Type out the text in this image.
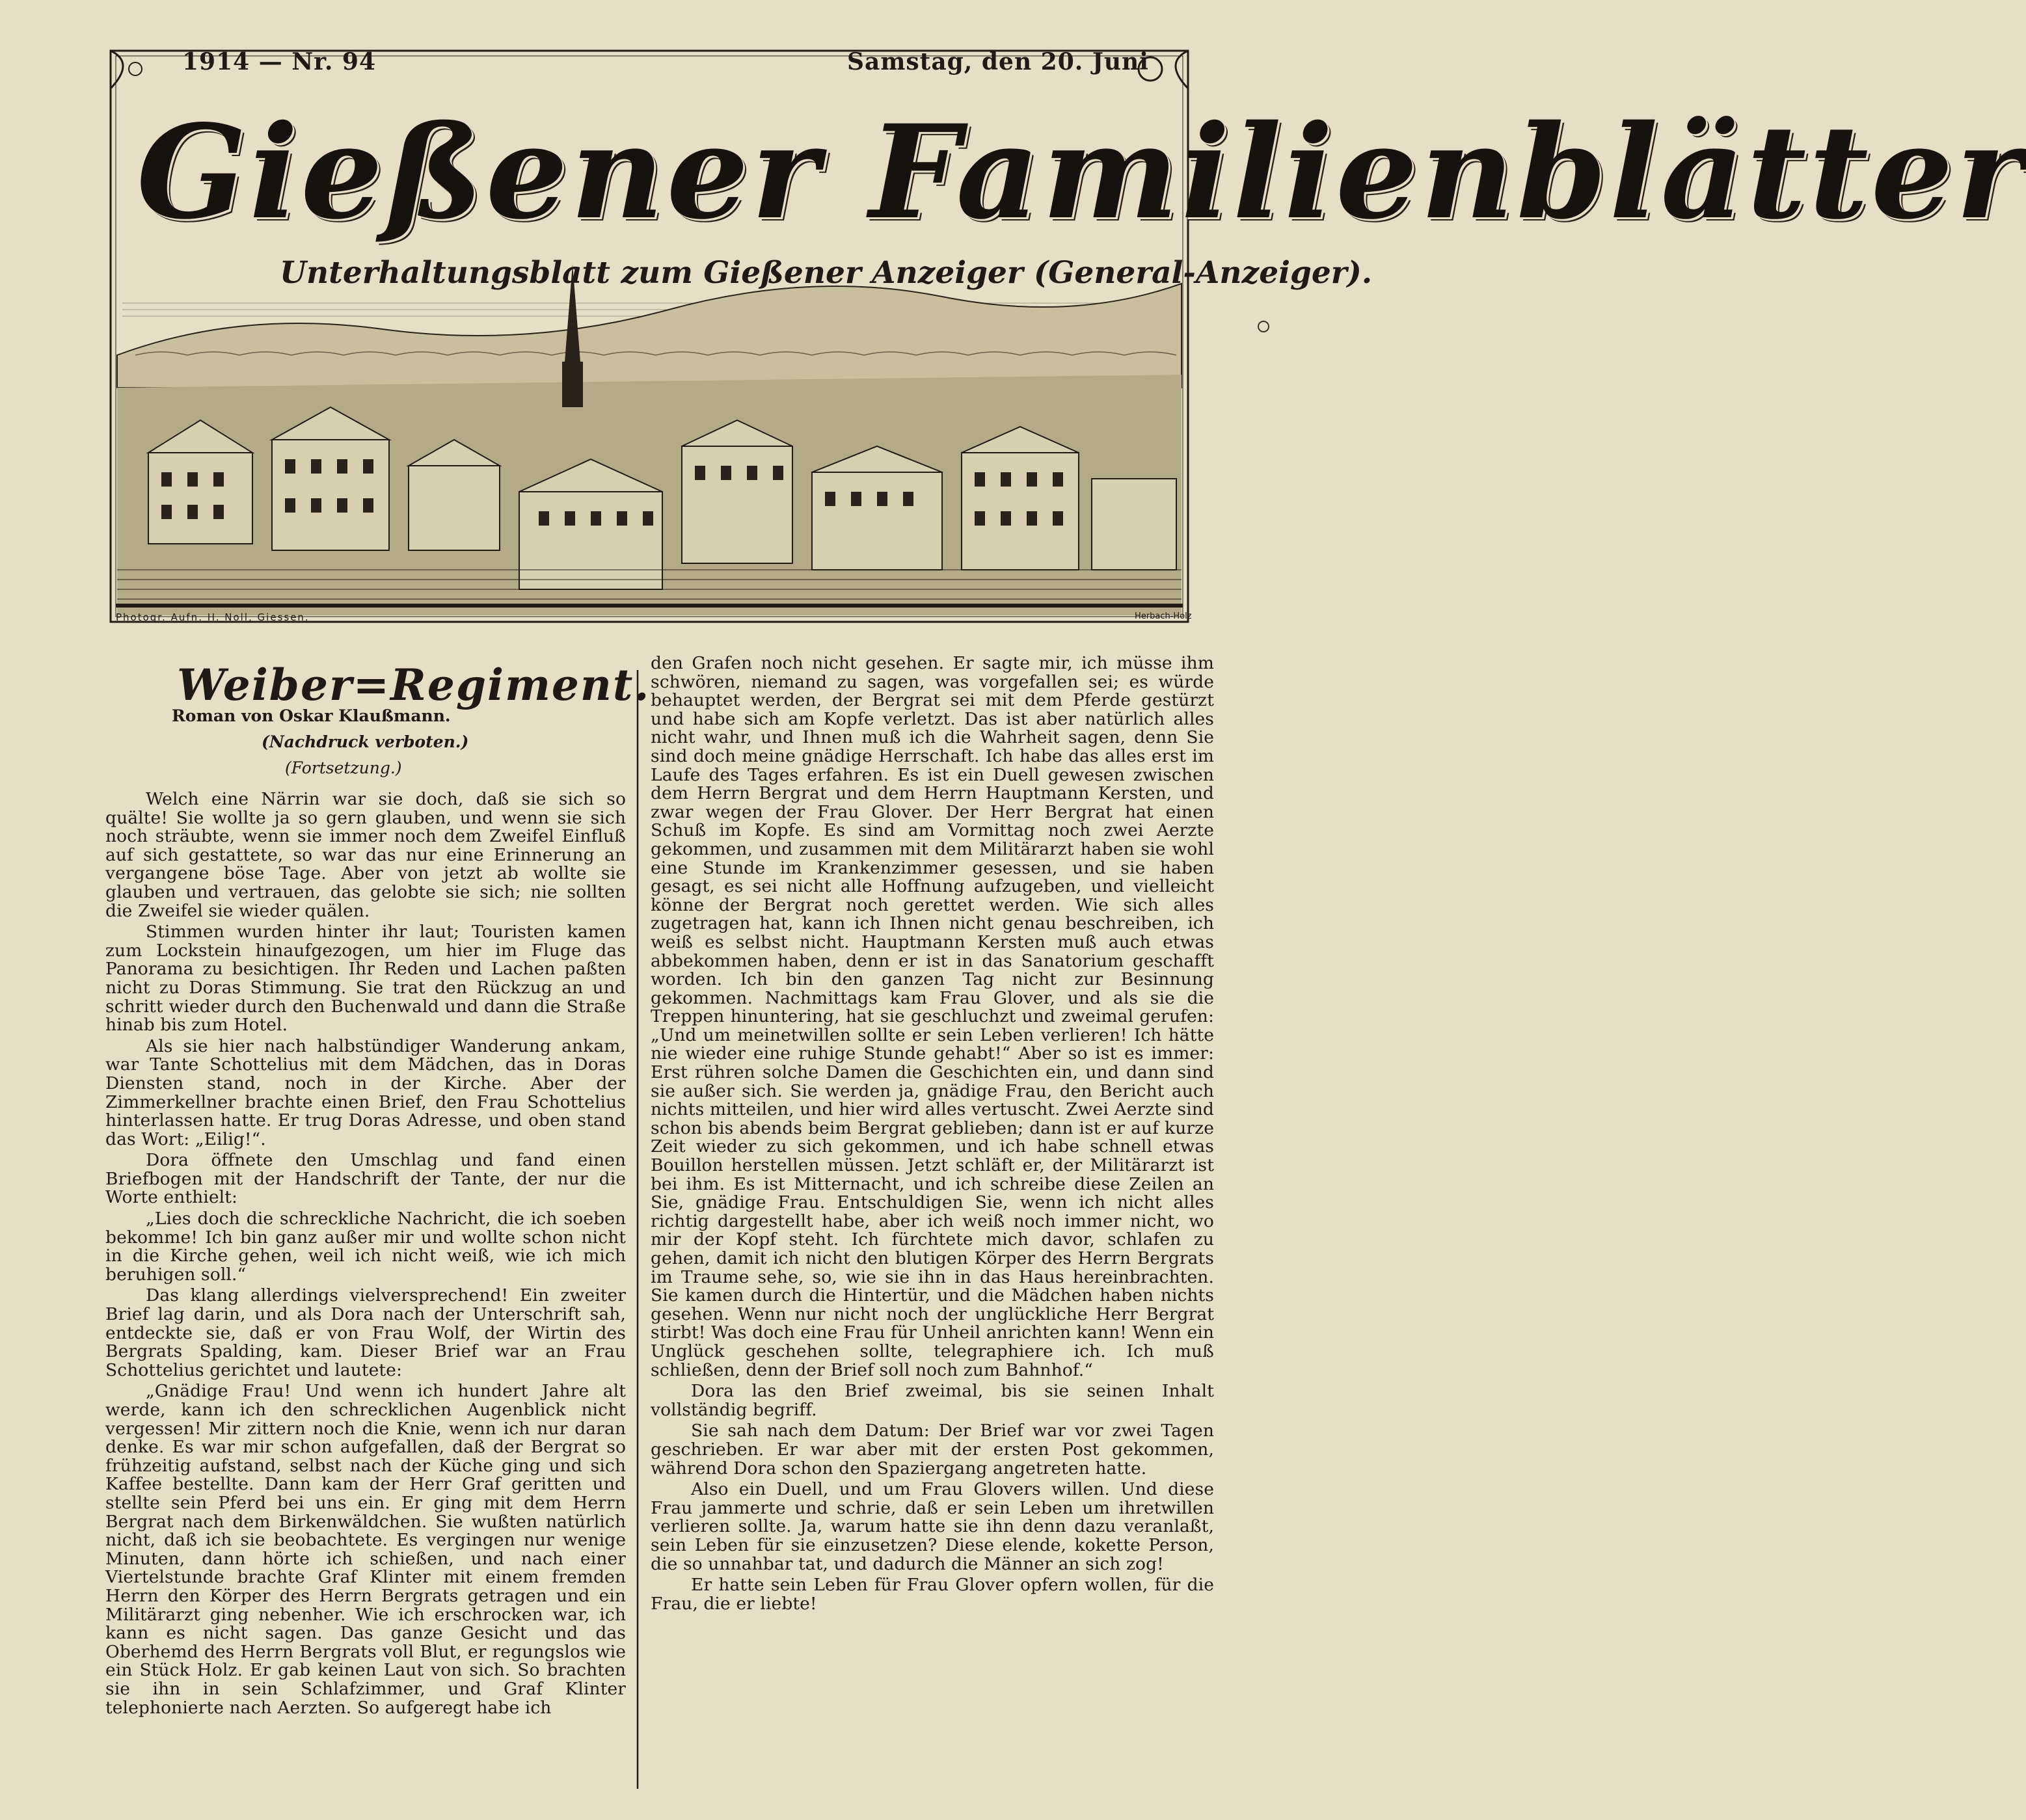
1914 — Nr. 94	Samstag, den 20. Juni
Gießener Familienblätter
Unterhaltungsblatt zum Gießener Anzeiger (General-Anzeiger).
Photogr. Aufn. H. Noll, Giessen.	Herbach-Holz
Weiber=Regiment.
Roman von Oskar Klaußmann.
(Nachdruck verboten.)
(Fortsetzung.)

Welch eine Närrin war sie doch, daß sie sich so quälte! Sie wollte ja so gern glauben, und wenn sie sich noch sträubte, wenn sie immer noch dem Zweifel Einfluß auf sich gestattete, so war das nur eine Erinnerung an vergangene böse Tage. Aber von jetzt ab wollte sie glauben und vertrauen, das gelobte sie sich; nie sollten die Zweifel sie wieder quälen.

Stimmen wurden hinter ihr laut; Touristen kamen zum Lockstein hinaufgezogen, um hier im Fluge das Panorama zu besichtigen. Ihr Reden und Lachen paßten nicht zu Doras Stimmung. Sie trat den Rückzug an und schritt wieder durch den Buchenwald und dann die Straße hinab bis zum Hotel.

Als sie hier nach halbstündiger Wanderung ankam, war Tante Schottelius mit dem Mädchen, das in Doras Diensten stand, noch in der Kirche. Aber der Zimmerkellner brachte einen Brief, den Frau Schottelius hinterlassen hatte. Er trug Doras Adresse, und oben stand das Wort: „Eilig!“.

Dora öffnete den Umschlag und fand einen Briefbogen mit der Handschrift der Tante, der nur die Worte enthielt:

„Lies doch die schreckliche Nachricht, die ich soeben bekomme! Ich bin ganz außer mir und wollte schon nicht in die Kirche gehen, weil ich nicht weiß, wie ich mich beruhigen soll.“

Das klang allerdings vielversprechend! Ein zweiter Brief lag darin, und als Dora nach der Unterschrift sah, entdeckte sie, daß er von Frau Wolf, der Wirtin des Bergrats Spalding, kam. Dieser Brief war an Frau Schottelius gerichtet und lautete:

„Gnädige Frau! Und wenn ich hundert Jahre alt werde, kann ich den schrecklichen Augenblick nicht vergessen! Mir zittern noch die Knie, wenn ich nur daran denke. Es war mir schon aufgefallen, daß der Bergrat so frühzeitig aufstand, selbst nach der Küche ging und sich Kaffee bestellte. Dann kam der Herr Graf geritten und stellte sein Pferd bei uns ein. Er ging mit dem Herrn Bergrat nach dem Birkenwäldchen. Sie wußten natürlich nicht, daß ich sie beobachtete. Es vergingen nur wenige Minuten, dann hörte ich schießen, und nach einer Viertelstunde brachte Graf Klinter mit einem fremden Herrn den Körper des Herrn Bergrats getragen und ein Militärarzt ging nebenher. Wie ich erschrocken war, ich kann es nicht sagen. Das ganze Gesicht und das Oberhemd des Herrn Bergrats voll Blut, er regungslos wie ein Stück Holz. Er gab keinen Laut von sich. So brachten sie ihn in sein Schlafzimmer, und Graf Klinter telephonierte nach Aerzten. So aufgeregt habe ich

den Grafen noch nicht gesehen. Er sagte mir, ich müsse ihm schwören, niemand zu sagen, was vorgefallen sei; es würde behauptet werden, der Bergrat sei mit dem Pferde gestürzt und habe sich am Kopfe verletzt. Das ist aber natürlich alles nicht wahr, und Ihnen muß ich die Wahrheit sagen, denn Sie sind doch meine gnädige Herrschaft. Ich habe das alles erst im Laufe des Tages erfahren. Es ist ein Duell gewesen zwischen dem Herrn Bergrat und dem Herrn Hauptmann Kersten, und zwar wegen der Frau Glover. Der Herr Bergrat hat einen Schuß im Kopfe. Es sind am Vormittag noch zwei Aerzte gekommen, und zusammen mit dem Militärarzt haben sie wohl eine Stunde im Krankenzimmer gesessen, und sie haben gesagt, es sei nicht alle Hoffnung aufzugeben, und vielleicht könne der Bergrat noch gerettet werden. Wie sich alles zugetragen hat, kann ich Ihnen nicht genau beschreiben, ich weiß es selbst nicht. Hauptmann Kersten muß auch etwas abbekommen haben, denn er ist in das Sanatorium geschafft worden. Ich bin den ganzen Tag nicht zur Besinnung gekommen. Nachmittags kam Frau Glover, und als sie die Treppen hinuntering, hat sie geschluchzt und zweimal gerufen: „Und um meinetwillen sollte er sein Leben verlieren! Ich hätte nie wieder eine ruhige Stunde gehabt!“ Aber so ist es immer: Erst rühren solche Damen die Geschichten ein, und dann sind sie außer sich. Sie werden ja, gnädige Frau, den Bericht auch nichts mitteilen, und hier wird alles vertuscht. Zwei Aerzte sind schon bis abends beim Bergrat geblieben; dann ist er auf kurze Zeit wieder zu sich gekommen, und ich habe schnell etwas Bouillon herstellen müssen. Jetzt schläft er, der Militärarzt ist bei ihm. Es ist Mitternacht, und ich schreibe diese Zeilen an Sie, gnädige Frau. Entschuldigen Sie, wenn ich nicht alles richtig dargestellt habe, aber ich weiß noch immer nicht, wo mir der Kopf steht. Ich fürchtete mich davor, schlafen zu gehen, damit ich nicht den blutigen Körper des Herrn Bergrats im Traume sehe, so, wie sie ihn in das Haus hereinbrachten. Sie kamen durch die Hintertür, und die Mädchen haben nichts gesehen. Wenn nur nicht noch der unglückliche Herr Bergrat stirbt! Was doch eine Frau für Unheil anrichten kann! Wenn ein Unglück geschehen sollte, telegraphiere ich. Ich muß schließen, denn der Brief soll noch zum Bahnhof.“

Dora las den Brief zweimal, bis sie seinen Inhalt vollständig begriff.

Sie sah nach dem Datum: Der Brief war vor zwei Tagen geschrieben. Er war aber mit der ersten Post gekommen, während Dora schon den Spaziergang angetreten hatte.

Also ein Duell, und um Frau Glovers willen. Und diese Frau jammerte und schrie, daß er sein Leben um ihretwillen verlieren sollte. Ja, warum hatte sie ihn denn dazu veranlaßt, sein Leben für sie einzusetzen? Diese elende, kokette Person, die so unnahbar tat, und dadurch die Männer an sich zog!

Er hatte sein Leben für Frau Glover opfern wollen, für die Frau, die er liebte!
